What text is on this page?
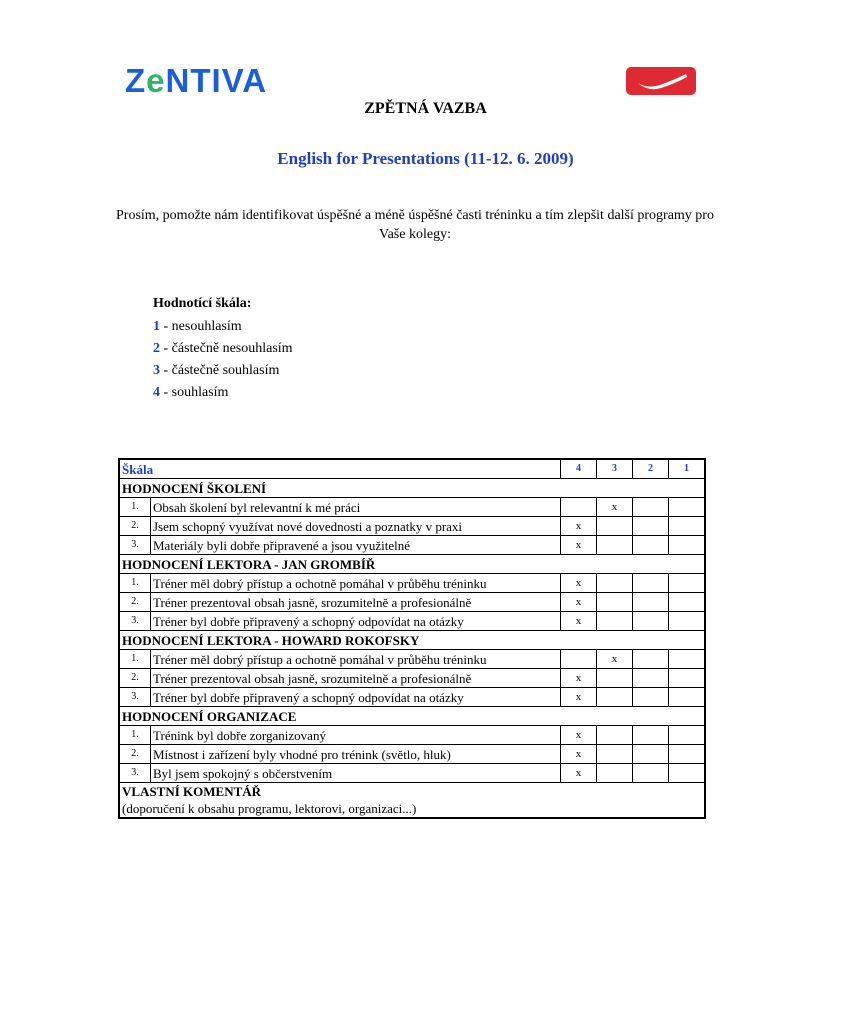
ZeNTIVA
ZPĚTNÁ VAZBA
English for Presentations (11-12. 6. 2009)
Prosím, pomožte nám identifikovat úspěšné a méně úspěšné časti tréninku a tím zlepšit další programy pro Vaše kolegy:
Hodnotící škála:
1 - nesouhlasím
2 - částečně nesouhlasím
3 - částečně souhlasím
4 - souhlasím
Škála		4	3	2	1
HODNOCENÍ ŠKOLENÍ					
1.	Obsah školení byl relevantní k mé práci		x		
2.	Jsem schopný využívat nové dovednosti a poznatky v praxi	x			
3.	Materiály byli dobře připravené a jsou využitelné	x			
HODNOCENÍ LEKTORA - JAN GROMBÍŘ					
1.	Tréner měl dobrý přístup a ochotně pomáhal v průběhu tréninku	x			
2.	Tréner prezentoval obsah jasně, srozumitelně a profesionálně	x			
3.	Tréner byl dobře připravený a schopný odpovídat na otázky	x			
HODNOCENÍ LEKTORA - HOWARD ROKOFSKY					
1.	Tréner měl dobrý přístup a ochotně pomáhal v průběhu tréninku		x		
2.	Tréner prezentoval obsah jasně, srozumitelně a profesionálně	x			
3.	Tréner byl dobře připravený a schopný odpovídat na otázky	x			
HODNOCENÍ ORGANIZACE					
1.	Trénink byl dobře zorganizovaný	x			
2.	Místnost i zařízení byly vhodné pro trénink (světlo, hluk)	x			
3.	Byl jsem spokojný s občerstvením	x			

VLASTNÍ KOMENTÁŘ
(doporučení k obsahu programu, lektorovi, organizaci...)					
